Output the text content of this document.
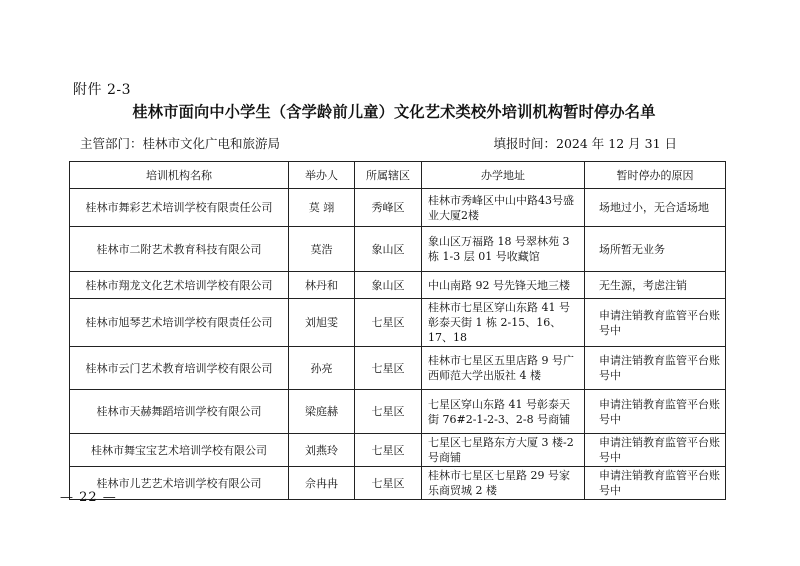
附件 2-3
桂林市面向中小学生（含学龄前儿童）文化艺术类校外培训机构暂时停办名单
主管部门：桂林市文化广电和旅游局	填报时间：2024 年 12 月 31 日
培训机构名称	举办人	所属辖区	办学地址	暂时停办的原因
桂林市舞彩艺术培训学校有限责任公司	莫 翊	秀峰区	桂林市秀峰区中山中路43号盛业大厦2楼	场地过小，无合适场地
桂林市二附艺术教育科技有限公司	莫浩	象山区	象山区万福路 18 号翠林苑 3 栋 1-3 层 01 号收藏馆	场所暂无业务
桂林市翔龙文化艺术培训学校有限公司	林丹和	象山区	中山南路 92 号先锋天地三楼	无生源，考虑注销
桂林市旭琴艺术培训学校有限责任公司	刘旭雯	七星区	桂林市七星区穿山东路 41 号彰泰天街 1 栋 2-15、16、17、18	申请注销教育监管平台账号中
桂林市云门艺术教育培训学校有限公司	孙亮	七星区	桂林市七星区五里店路 9 号广西师范大学出版社 4 楼	申请注销教育监管平台账号中
桂林市天赫舞蹈培训学校有限公司	梁庭赫	七星区	七星区穿山东路 41 号彰泰天街 76#2-1-2-3、2-8 号商铺	申请注销教育监管平台账号中
桂林市舞宝宝艺术培训学校有限公司	刘燕玲	七星区	七星区七星路东方大厦 3 楼-2 号商铺	申请注销教育监管平台账号中
桂林市儿艺艺术培训学校有限公司	佘冉冉	七星区	桂林市七星区七星路 29 号家乐商贸城 2 楼	申请注销教育监管平台账号中
— 22 —
